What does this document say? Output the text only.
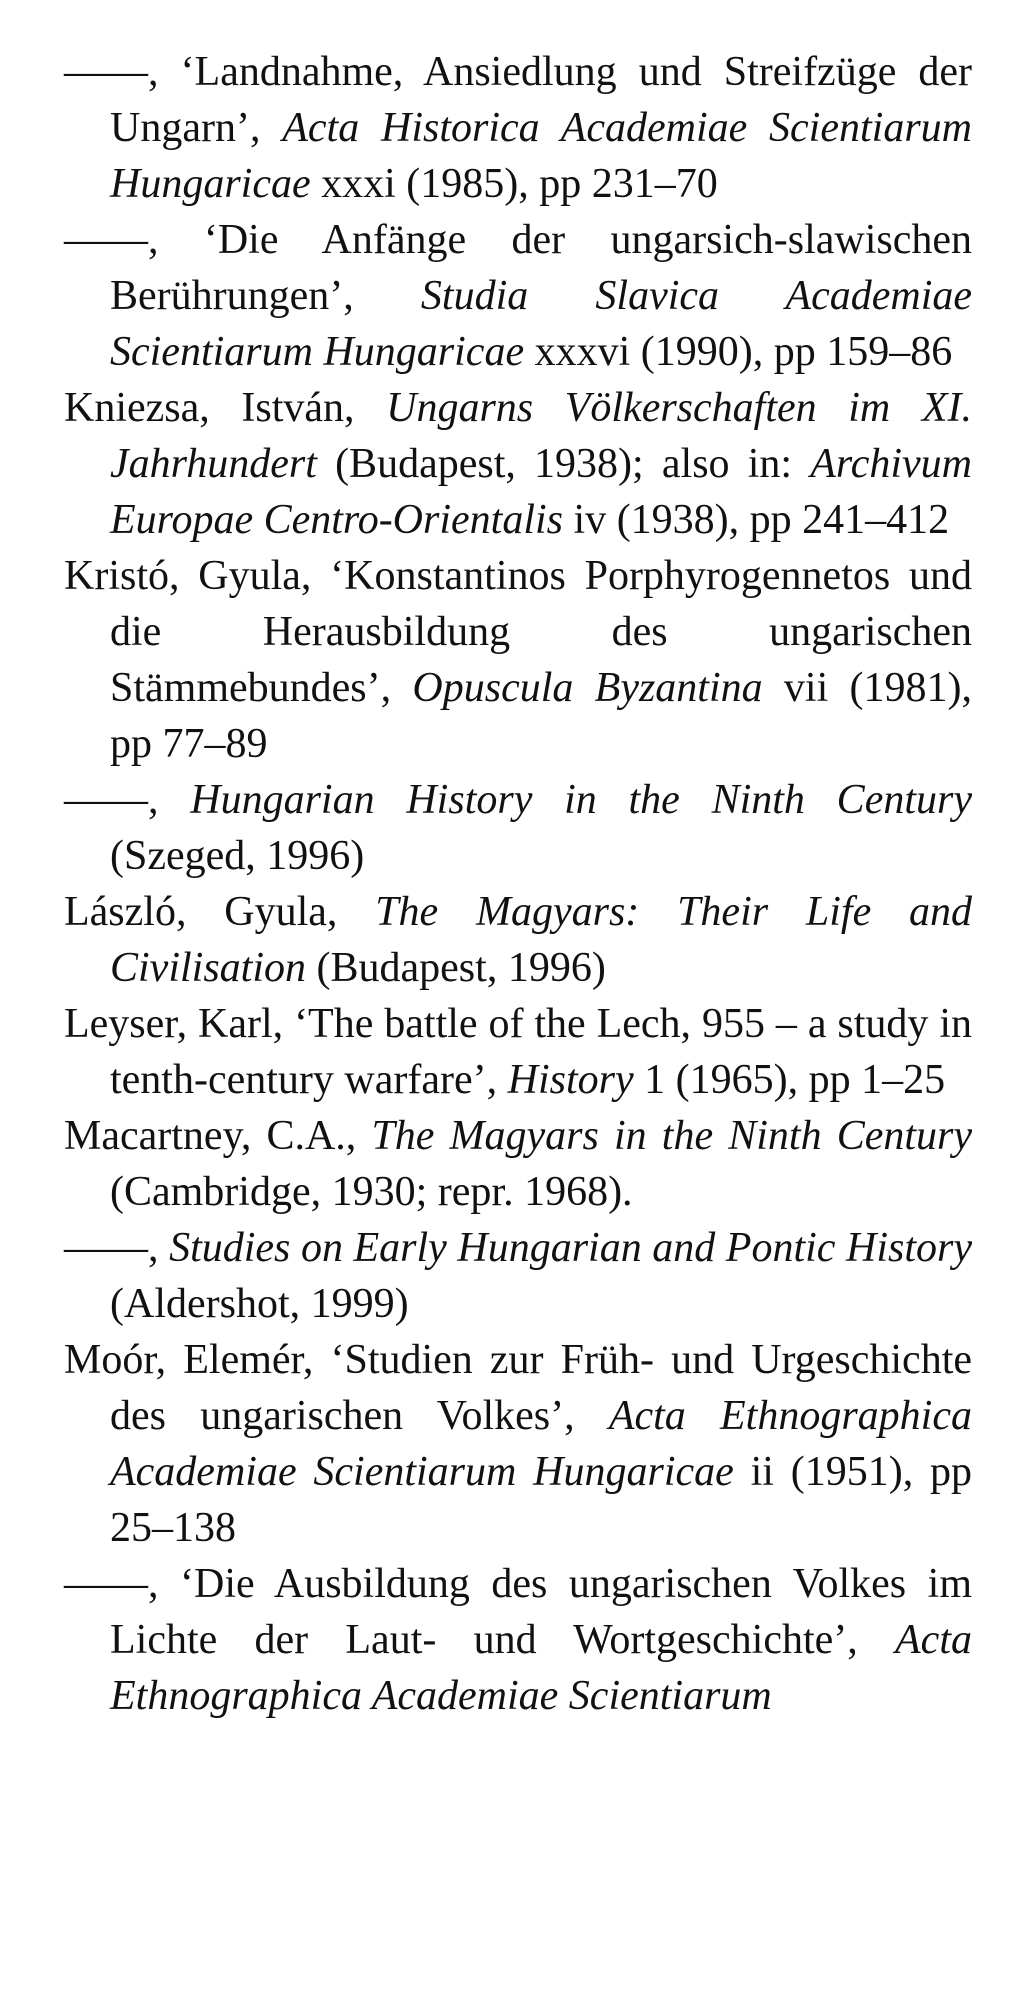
——, ‘Landnahme, Ansiedlung und Streifzüge der Ungarn’, Acta Historica Academiae Scientiarum Hungaricae xxxi (1985), pp 231–70

——, ‘Die Anfänge der ungarsich-slawischen Berührungen’, Studia Slavica Academiae Scientiarum Hungaricae xxxvi (1990), pp 159–86

Kniezsa, István, Ungarns Völkerschaften im XI. Jahrhundert (Budapest, 1938); also in: Archivum Europae Centro-Orientalis iv (1938), pp 241–412

Kristó, Gyula, ‘Konstantinos Porphyrogennetos und die Herausbildung des ungarischen Stämmebundes’, Opuscula Byzantina vii (1981), pp 77–89

——, Hungarian History in the Ninth Century (Szeged, 1996)

László, Gyula, The Magyars: Their Life and Civilisation (Budapest, 1996)

Leyser, Karl, ‘The battle of the Lech, 955 – a study in tenth-century warfare’, History 1 (1965), pp 1–25

Macartney, C.A., The Magyars in the Ninth Century (Cambridge, 1930; repr. 1968).

——, Studies on Early Hungarian and Pontic History (Aldershot, 1999)

Moór, Elemér, ‘Studien zur Früh- und Urgeschichte des ungarischen Volkes’, Acta Ethnographica Academiae Scientiarum Hungaricae ii (1951), pp 25–138

——, ‘Die Ausbildung des ungarischen Volkes im Lichte der Laut- und Wortgeschichte’, Acta Ethnographica Academiae Scientiarum
